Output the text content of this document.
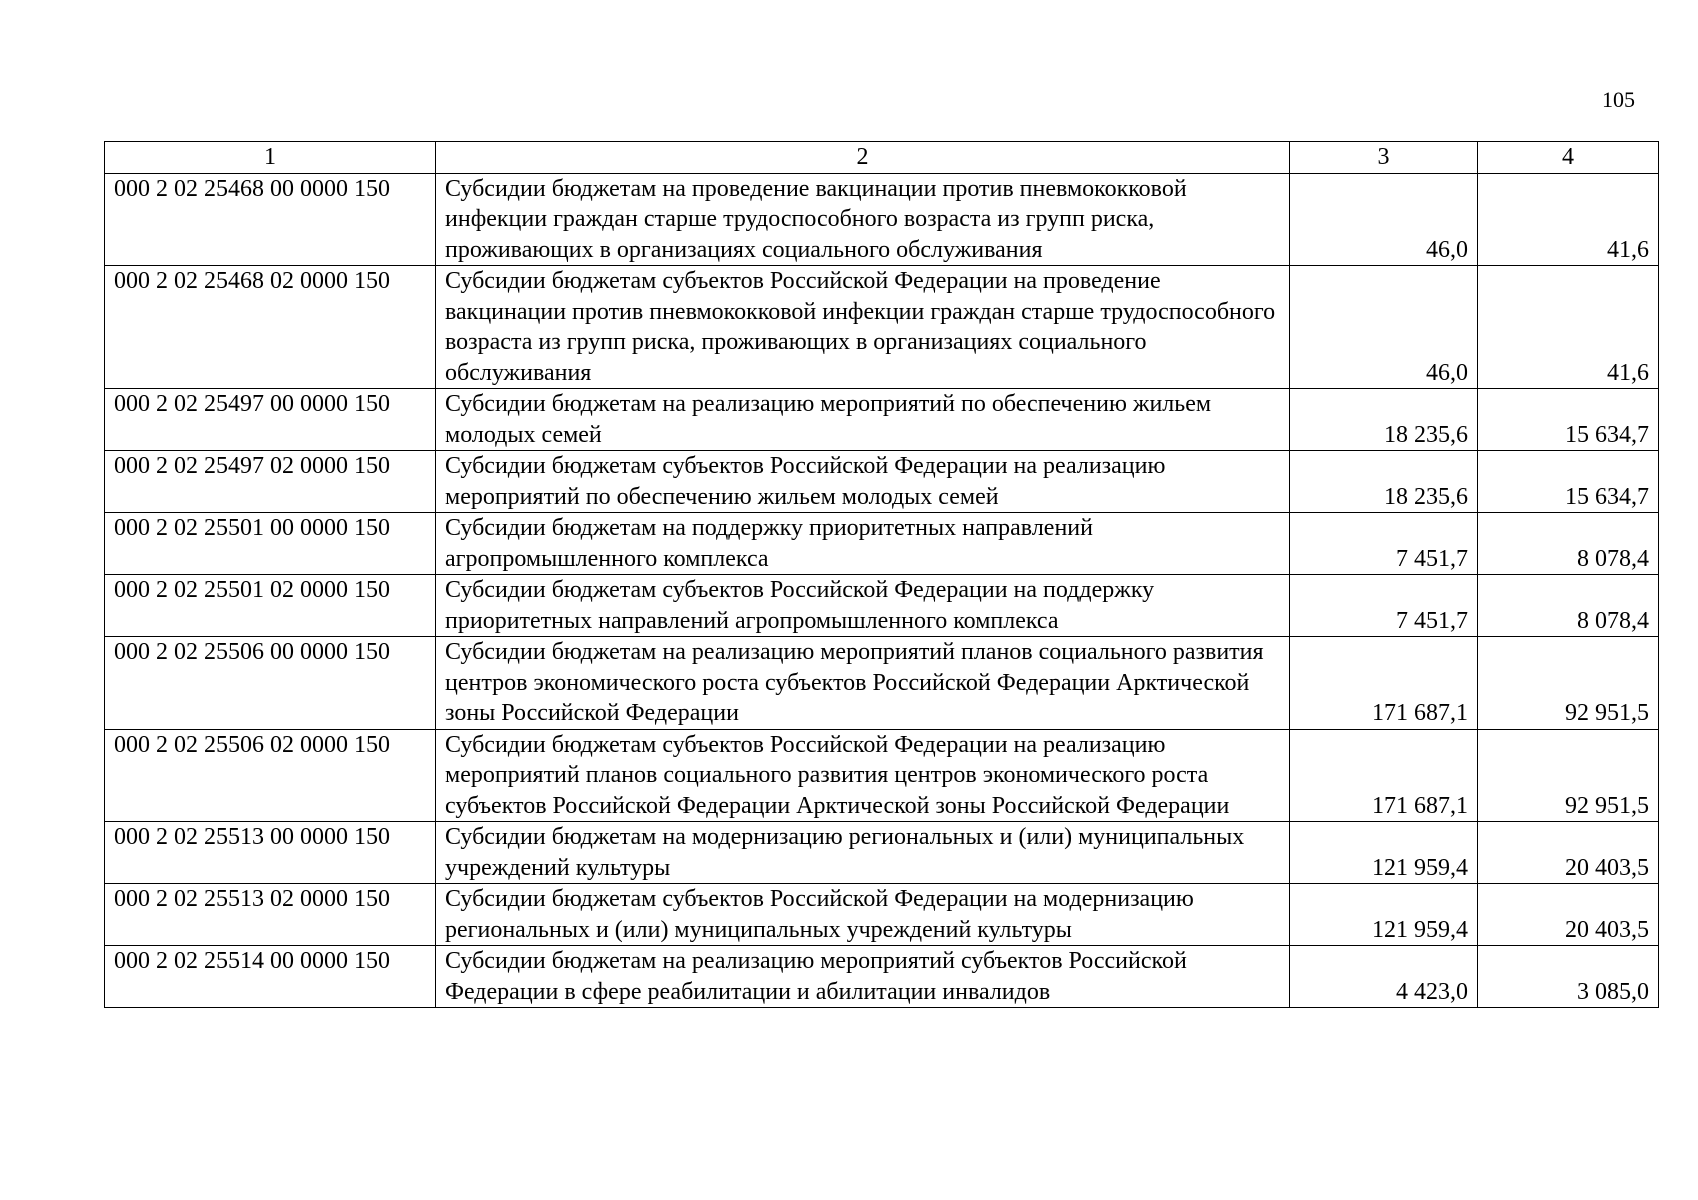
105
1	2	3	4
000 2 02 25468 00 0000 150	Субсидии бюджетам на проведение вакцинации против пневмококковой инфекции граждан старше трудоспособного возраста из групп риска, проживающих в организациях социального обслуживания	46,0	41,6
000 2 02 25468 02 0000 150	Субсидии бюджетам субъектов Российской Федерации на проведение вакцинации против пневмококковой инфекции граждан старше трудоспособного возраста из групп риска, проживающих в организациях социального обслуживания	46,0	41,6
000 2 02 25497 00 0000 150	Субсидии бюджетам на реализацию мероприятий по обеспечению жильем молодых семей	18 235,6	15 634,7
000 2 02 25497 02 0000 150	Субсидии бюджетам субъектов Российской Федерации на реализацию мероприятий по обеспечению жильем молодых семей	18 235,6	15 634,7
000 2 02 25501 00 0000 150	Субсидии бюджетам на поддержку приоритетных направлений агропромышленного комплекса	7 451,7	8 078,4
000 2 02 25501 02 0000 150	Субсидии бюджетам субъектов Российской Федерации на поддержку приоритетных направлений агропромышленного комплекса	7 451,7	8 078,4
000 2 02 25506 00 0000 150	Субсидии бюджетам на реализацию мероприятий планов социального развития центров экономического роста субъектов Российской Федерации Арктической зоны Российской Федерации	171 687,1	92 951,5
000 2 02 25506 02 0000 150	Субсидии бюджетам субъектов Российской Федерации на реализацию мероприятий планов социального развития центров экономического роста субъектов Российской Федерации Арктической зоны Российской Федерации	171 687,1	92 951,5
000 2 02 25513 00 0000 150	Субсидии бюджетам на модернизацию региональных и (или) муниципальных учреждений культуры	121 959,4	20 403,5
000 2 02 25513 02 0000 150	Субсидии бюджетам субъектов Российской Федерации на модернизацию региональных и (или) муниципальных учреждений культуры	121 959,4	20 403,5
000 2 02 25514 00 0000 150	Субсидии бюджетам на реализацию мероприятий субъектов Российской Федерации в сфере реабилитации и абилитации инвалидов	4 423,0	3 085,0
